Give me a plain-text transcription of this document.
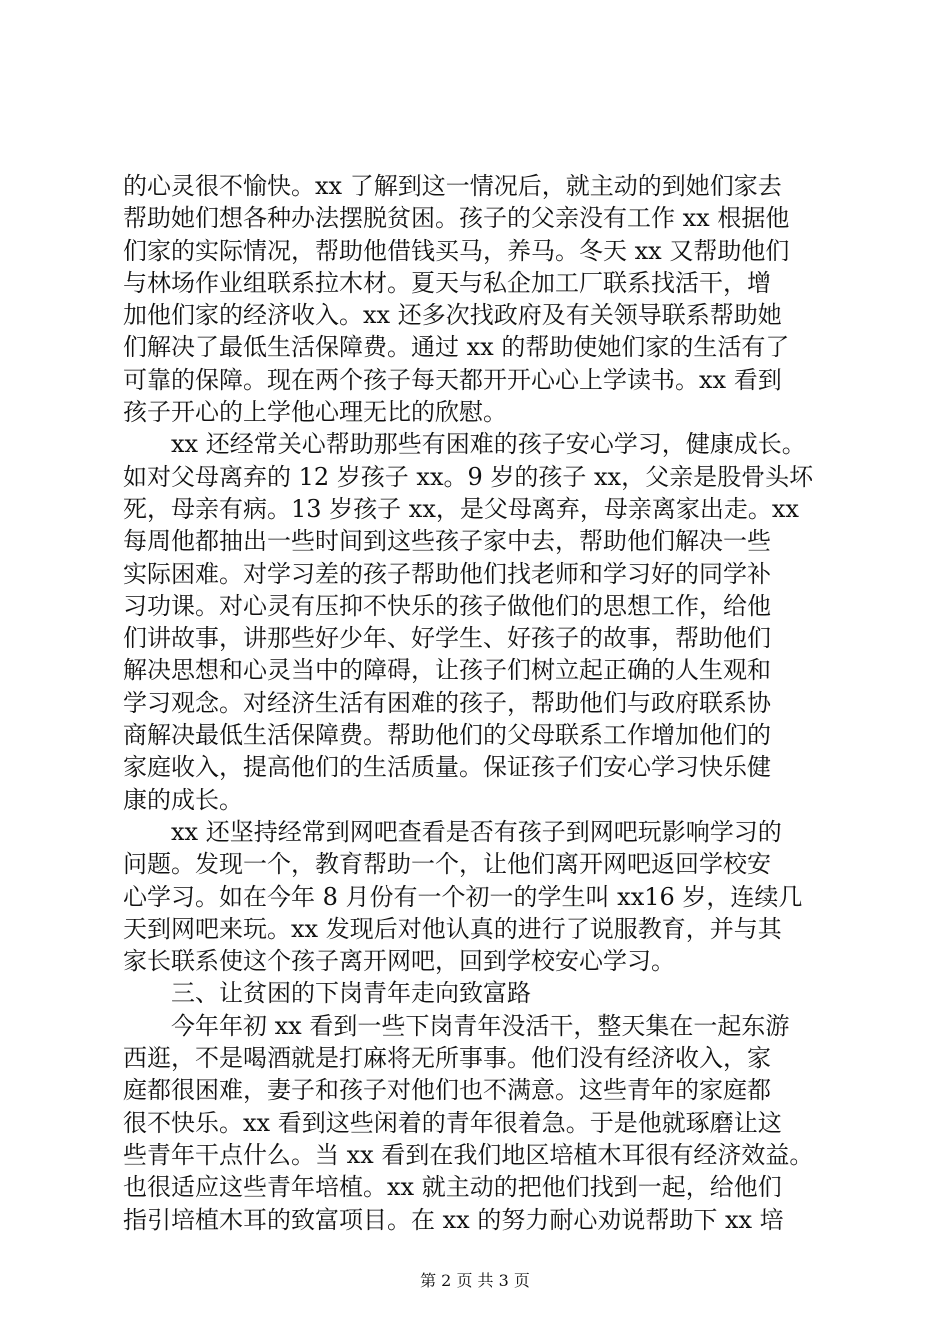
的心灵很不愉快。xx 了解到这一情况后，就主动的到她们家去
帮助她们想各种办法摆脱贫困。孩子的父亲没有工作 xx 根据他
们家的实际情况，帮助他借钱买马，养马。冬天 xx 又帮助他们
与林场作业组联系拉木材。夏天与私企加工厂联系找活干，增
加他们家的经济收入。xx 还多次找政府及有关领导联系帮助她
们解决了最低生活保障费。通过 xx 的帮助使她们家的生活有了
可靠的保障。现在两个孩子每天都开开心心上学读书。xx 看到
孩子开心的上学他心理无比的欣慰。
　　xx 还经常关心帮助那些有困难的孩子安心学习，健康成长。
如对父母离弃的 12 岁孩子 xx。9 岁的孩子 xx，父亲是股骨头坏
死，母亲有病。13 岁孩子 xx，是父母离弃，母亲离家出走。xx
每周他都抽出一些时间到这些孩子家中去，帮助他们解决一些
实际困难。对学习差的孩子帮助他们找老师和学习好的同学补
习功课。对心灵有压抑不快乐的孩子做他们的思想工作，给他
们讲故事，讲那些好少年、好学生、好孩子的故事，帮助他们
解决思想和心灵当中的障碍，让孩子们树立起正确的人生观和
学习观念。对经济生活有困难的孩子，帮助他们与政府联系协
商解决最低生活保障费。帮助他们的父母联系工作增加他们的
家庭收入，提高他们的生活质量。保证孩子们安心学习快乐健
康的成长。
　　xx 还坚持经常到网吧查看是否有孩子到网吧玩影响学习的
问题。发现一个，教育帮助一个，让他们离开网吧返回学校安
心学习。如在今年 8 月份有一个初一的学生叫 xx16 岁，连续几
天到网吧来玩。xx 发现后对他认真的进行了说服教育，并与其
家长联系使这个孩子离开网吧，回到学校安心学习。
　　三、让贫困的下岗青年走向致富路
　　今年年初 xx 看到一些下岗青年没活干，整天集在一起东游
西逛，不是喝酒就是打麻将无所事事。他们没有经济收入，家
庭都很困难，妻子和孩子对他们也不满意。这些青年的家庭都
很不快乐。xx 看到这些闲着的青年很着急。于是他就琢磨让这
些青年干点什么。当 xx 看到在我们地区培植木耳很有经济效益。
也很适应这些青年培植。xx 就主动的把他们找到一起，给他们
指引培植木耳的致富项目。在 xx 的努力耐心劝说帮助下 xx 培
第 2 页 共 3 页
